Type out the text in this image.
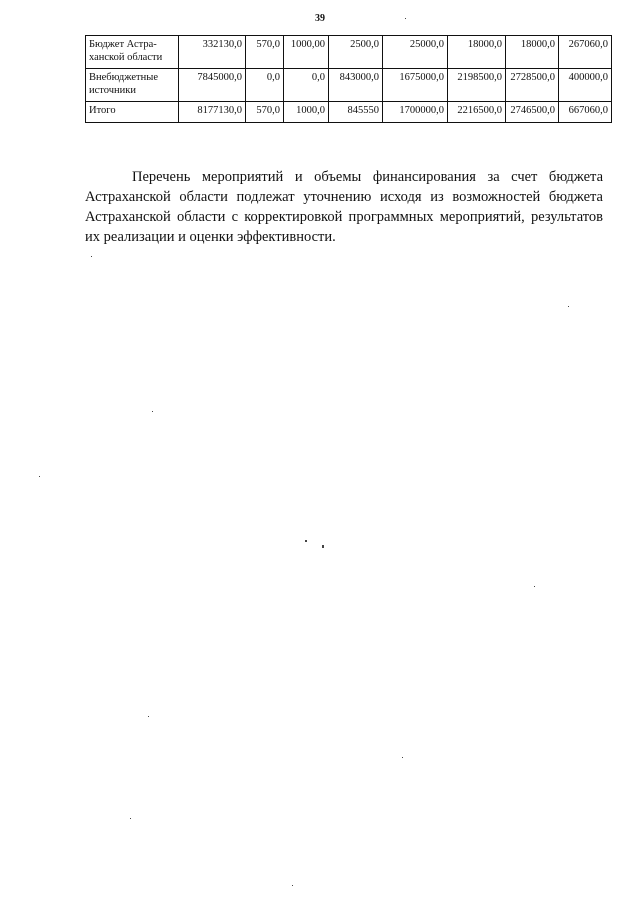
39
Бюджет Астра-
ханской области	332130,0	570,0	1000,00	2500,0	25000,0	18000,0	18000,0	267060,0

Внебюджетные
источники	7845000,0	0,0	0,0	843000,0	1675000,0	2198500,0	2728500,0	400000,0

Итого	8177130,0	570,0	1000,0	845550	1700000,0	2216500,0	2746500,0	667060,0

Перечень мероприятий и объемы финансирования за счет бюджета Астраханской области подлежат уточнению исходя из возможностей бюджета Астраханской области с корректировкой программных мероприятий, результатов их реализации и оценки эффективности.
